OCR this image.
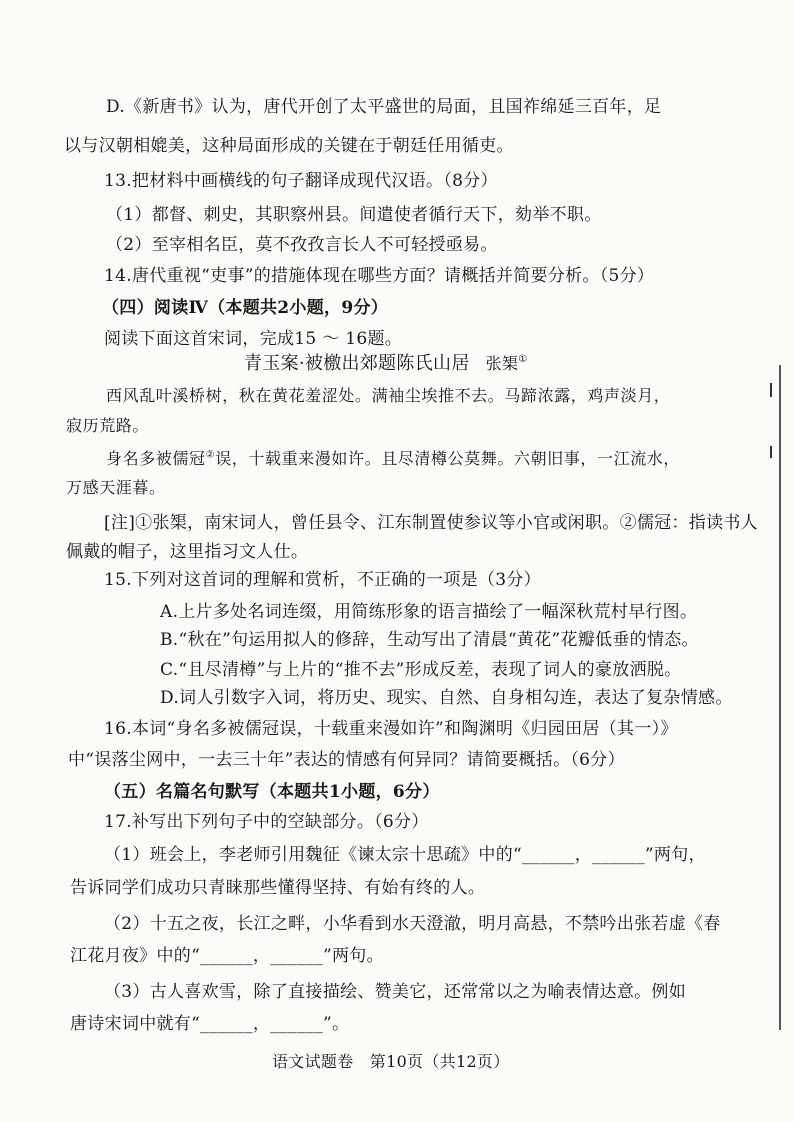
D.《新唐书》认为，唐代开创了太平盛世的局面，且国祚绵延三百年，足
以与汉朝相媲美，这种局面形成的关键在于朝廷任用循吏。
13.把材料中画横线的句子翻译成现代汉语。（8分）
（1）都督、刺史，其职察州县。间遣使者循行天下，劾举不职。
（2）至宰相名臣，莫不孜孜言长人不可轻授亟易。
14.唐代重视“吏事”的措施体现在哪些方面？请概括并简要分析。（5分）
（四）阅读Ⅳ（本题共2小题，9分）
阅读下面这首宋词，完成15 ～ 16题。
青玉案·被檄出郊题陈氏山居 张榘①
西风乱叶溪桥树，秋在黄花羞涩处。满袖尘埃推不去。马蹄浓露，鸡声淡月，
寂历荒路。
身名多被儒冠②误，十载重来漫如许。且尽清樽公莫舞。六朝旧事，一江流水，
万感天涯暮。
[注]①张榘，南宋词人，曾任县令、江东制置使参议等小官或闲职。②儒冠：指读书人
佩戴的帽子，这里指习文人仕。
15.下列对这首词的理解和赏析，不正确的一项是（3分）
A.上片多处名词连缀，用简练形象的语言描绘了一幅深秋荒村早行图。
B.“秋在”句运用拟人的修辞，生动写出了清晨“黄花”花瓣低垂的情态。
C.“且尽清樽”与上片的“推不去”形成反差，表现了词人的豪放洒脱。
D.词人引数字入词，将历史、现实、自然、自身相勾连，表达了复杂情感。
16.本词“身名多被儒冠误，十载重来漫如许”和陶渊明《归园田居（其一）》
中“误落尘网中，一去三十年”表达的情感有何异同？请简要概括。（6分）
（五）名篇名句默写（本题共1小题，6分）
17.补写出下列句子中的空缺部分。（6分）
（1）班会上，李老师引用魏征《谏太宗十思疏》中的“______，______”两句，
告诉同学们成功只青睐那些懂得坚持、有始有终的人。
（2）十五之夜，长江之畔，小华看到水天澄澈，明月高悬，不禁吟出张若虚《春
江花月夜》中的“______，______”两句。
（3）古人喜欢雪，除了直接描绘、赞美它，还常常以之为喻表情达意。例如
唐诗宋词中就有“______，______”。
语文试题卷　第10页（共12页）
